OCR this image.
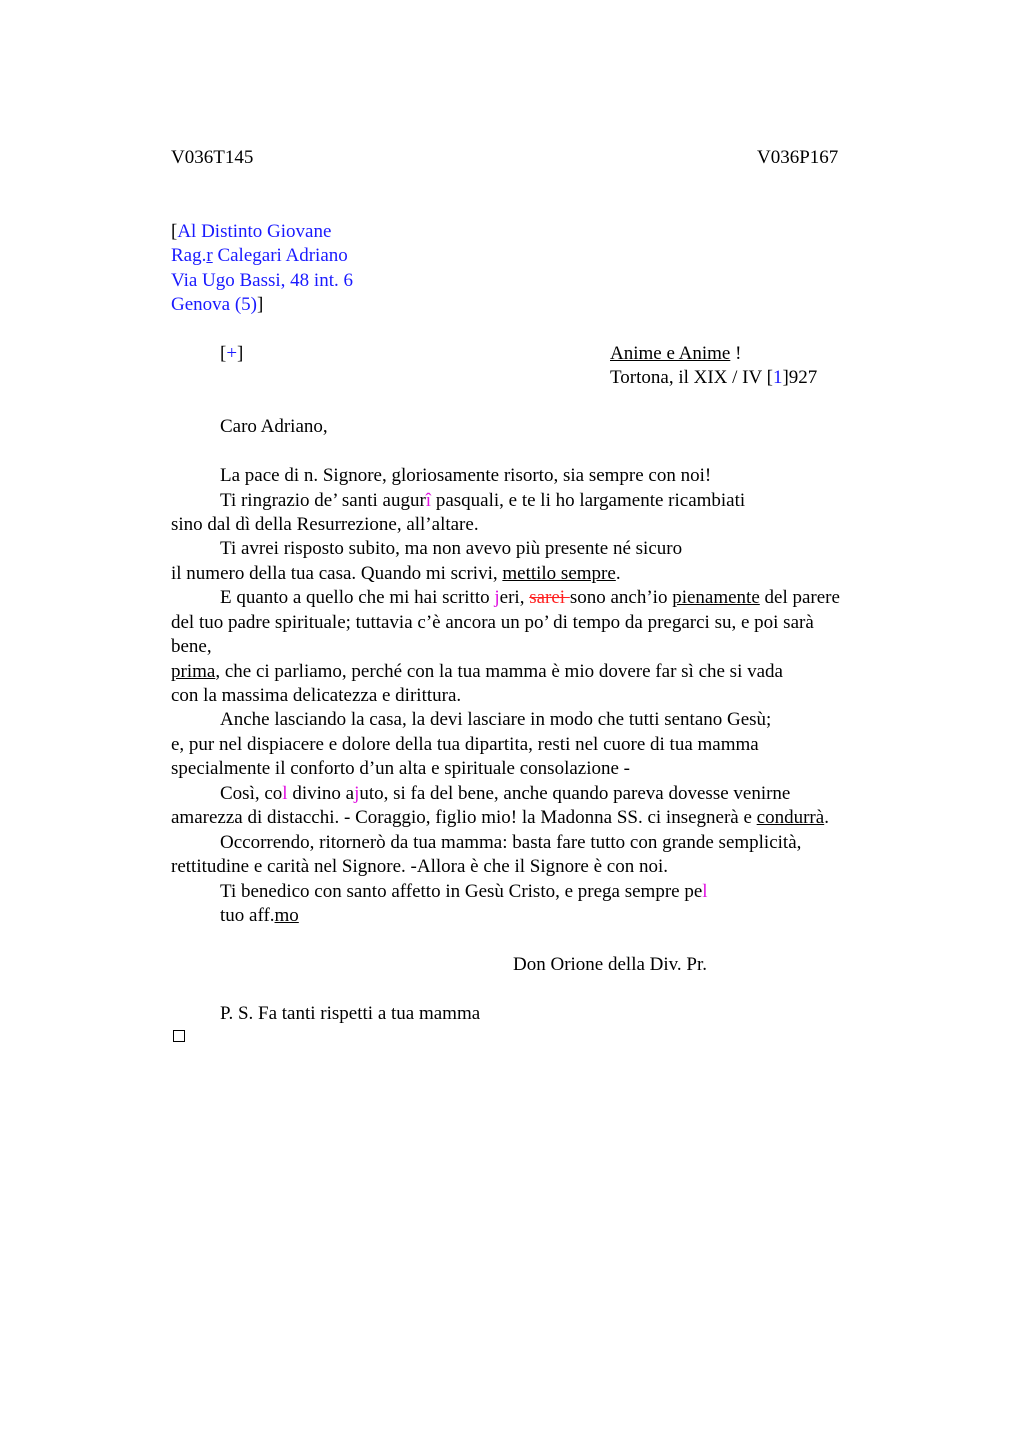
V036T145	V036P167
[Al Distinto Giovane
Rag.r Calegari Adriano
Via Ugo Bassi, 48 int. 6
Genova (5)]
[+]	Anime e Anime !
Tortona, il XIX / IV [1]927
Caro Adriano,
La pace di n. Signore, gloriosamente risorto, sia sempre con noi!
Ti ringrazio de’ santi augurî pasquali, e te li ho largamente ricambiati
sino dal dì della Resurrezione, all’altare.
Ti avrei risposto subito, ma non avevo più presente né sicuro
il numero della tua casa. Quando mi scrivi, mettilo sempre.
E quanto a quello che mi hai scritto jeri, sarei sono anch’io pienamente del parere
del tuo padre spirituale; tuttavia c’è ancora un po’ di tempo da pregarci su, e poi sarà
bene,
prima, che ci parliamo, perché con la tua mamma è mio dovere far sì che si vada
con la massima delicatezza e dirittura.
Anche lasciando la casa, la devi lasciare in modo che tutti sentano Gesù;
e, pur nel dispiacere e dolore della tua dipartita, resti nel cuore di tua mamma
specialmente il conforto d’un alta e spirituale consolazione -
Così, col divino ajuto, si fa del bene, anche quando pareva dovesse venirne
amarezza di distacchi. - Coraggio, figlio mio! la Madonna SS. ci insegnerà e condurrà.
Occorrendo, ritornerò da tua mamma: basta fare tutto con grande semplicità,
rettitudine e carità nel Signore. -Allora è che il Signore è con noi.
Ti benedico con santo affetto in Gesù Cristo, e prega sempre pel
tuo aff.mo
Don Orione della Div. Pr.
P. S. Fa tanti rispetti a tua mamma
